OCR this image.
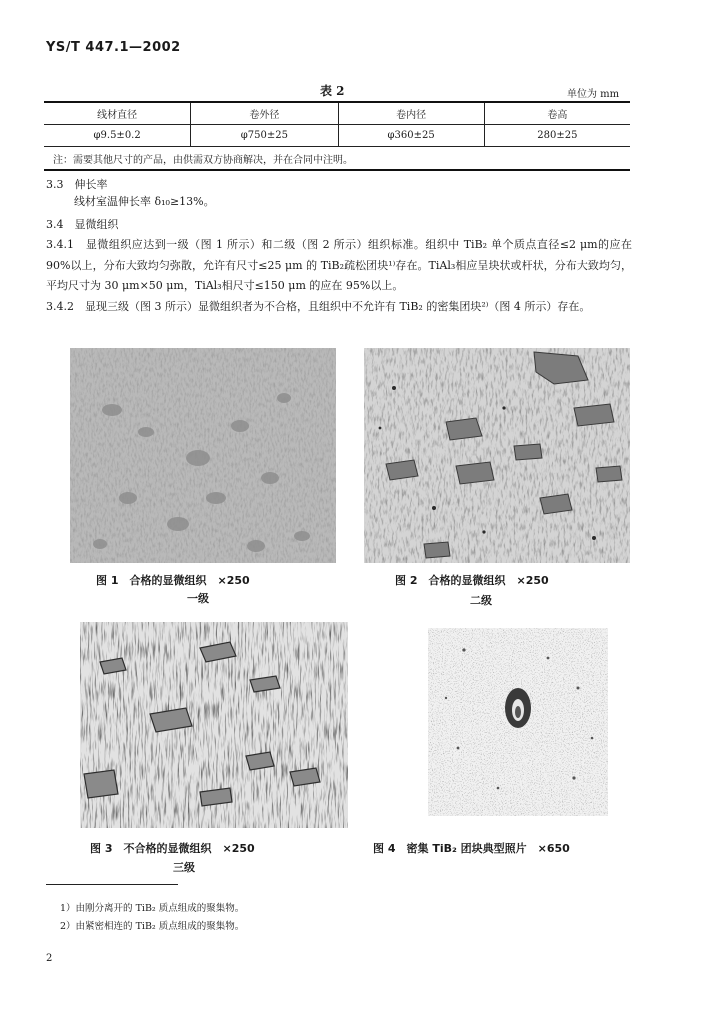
YS/T 447.1—2002
表 2	单位为 mm
线材直径	卷外径	卷内径	卷高
φ9.5±0.2	φ750±25	φ360±25	280±25
注：需要其他尺寸的产品，由供需双方协商解决，并在合同中注明。			
3.3　伸长率
线材室温伸长率 δ₁₀≥13%。
3.4　显微组织
3.4.1　显微组织应达到一级（图 1 所示）和二级（图 2 所示）组织标准。组织中 TiB₂ 单个质点直径≤2 μm的应在 90%以上，分布大致均匀弥散，允许有尺寸≤25 μm 的 TiB₂疏松团块¹⁾存在。TiAl₃相应呈块状或杆状，分布大致均匀，平均尺寸为 30 μm×50 μm，TiAl₃相尺寸≤150 μm 的应在 95%以上。
3.4.2　显现三级（图 3 所示）显微组织者为不合格，且组织中不允许有 TiB₂ 的密集团块²⁾（图 4 所示）存在。
图 1　合格的显微组织　×250
一级
图 2　合格的显微组织　×250
二级
图 3　不合格的显微组织　×250
三级
图 4　密集 TiB₂ 团块典型照片　×650
1）由刚分离开的 TiB₂ 质点组成的聚集物。
2）由紧密相连的 TiB₂ 质点组成的聚集物。
2
